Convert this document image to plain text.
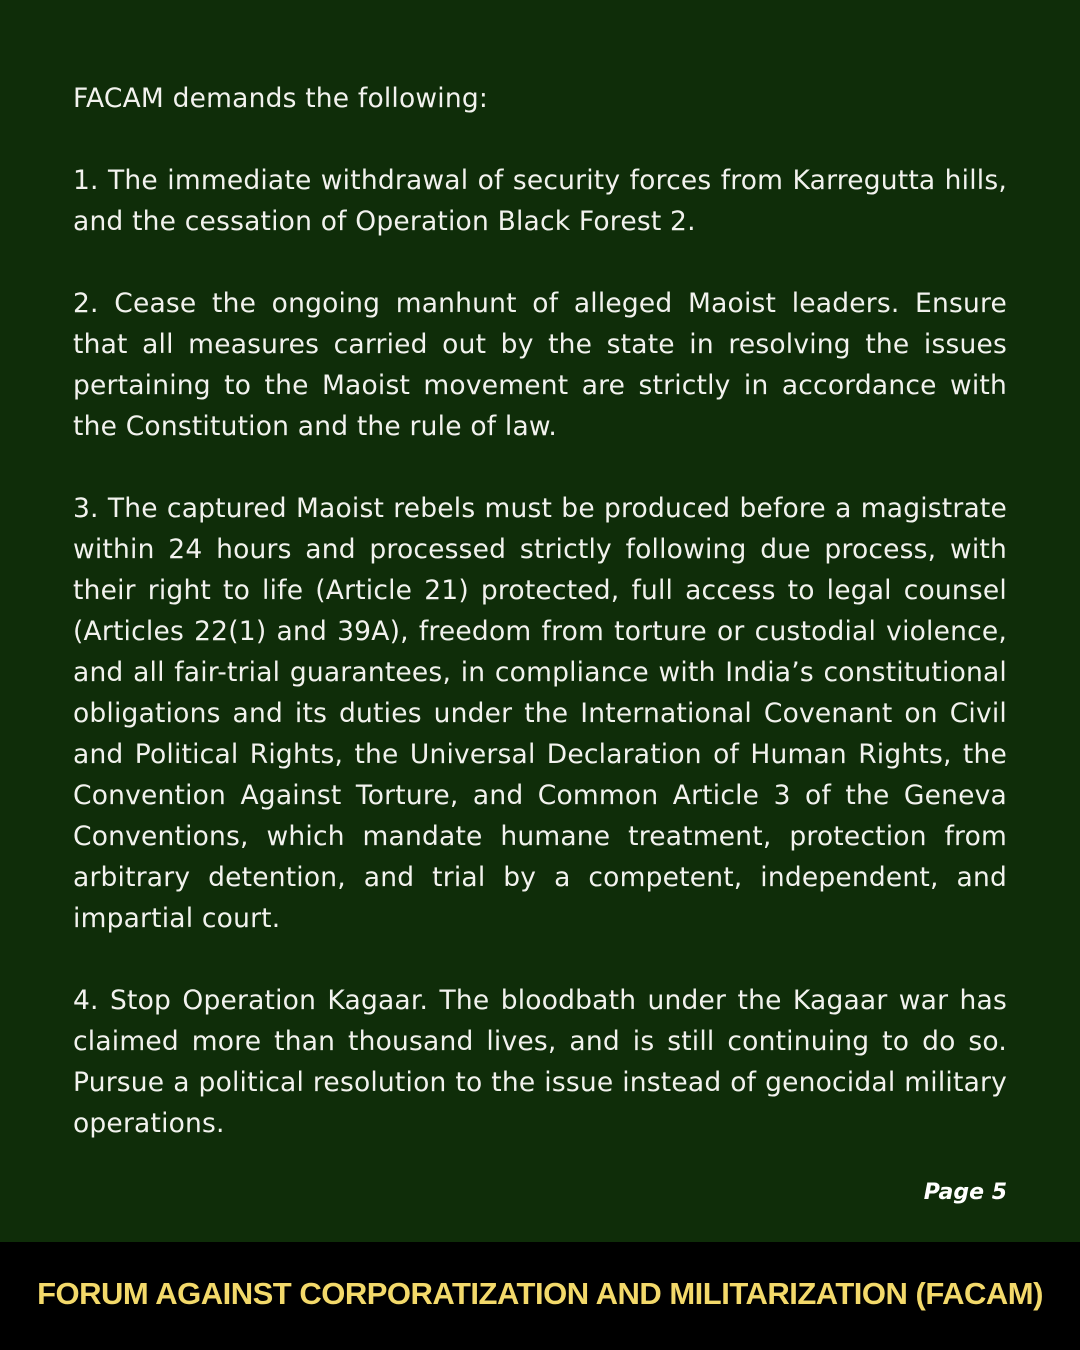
FACAM demands the following:

1. The immediate withdrawal of security forces from Karregutta hills, and the cessation of Operation Black Forest 2.

2. Cease the ongoing manhunt of alleged Maoist leaders. Ensure that all measures carried out by the state in resolving the issues pertaining to the Maoist movement are strictly in accordance with the Constitution and the rule of law.

3. The captured Maoist rebels must be produced before a magistrate within 24 hours and processed strictly following due process, with their right to life (Article 21) protected, full access to legal counsel (Articles 22(1) and 39A), freedom from torture or custodial violence, and all fair-trial guarantees, in compliance with India’s constitutional obligations and its duties under the International Covenant on Civil and Political Rights, the Universal Declaration of Human Rights, the Convention Against Torture, and Common Article 3 of the Geneva Conventions, which mandate humane treatment, protection from arbitrary detention, and trial by a competent, independent, and impartial court.

4. Stop Operation Kagaar. The bloodbath under the Kagaar war has claimed more than thousand lives, and is still continuing to do so. Pursue a political resolution to the issue instead of genocidal military operations.

Page 5
FORUM AGAINST CORPORATIZATION AND MILITARIZATION (FACAM)
